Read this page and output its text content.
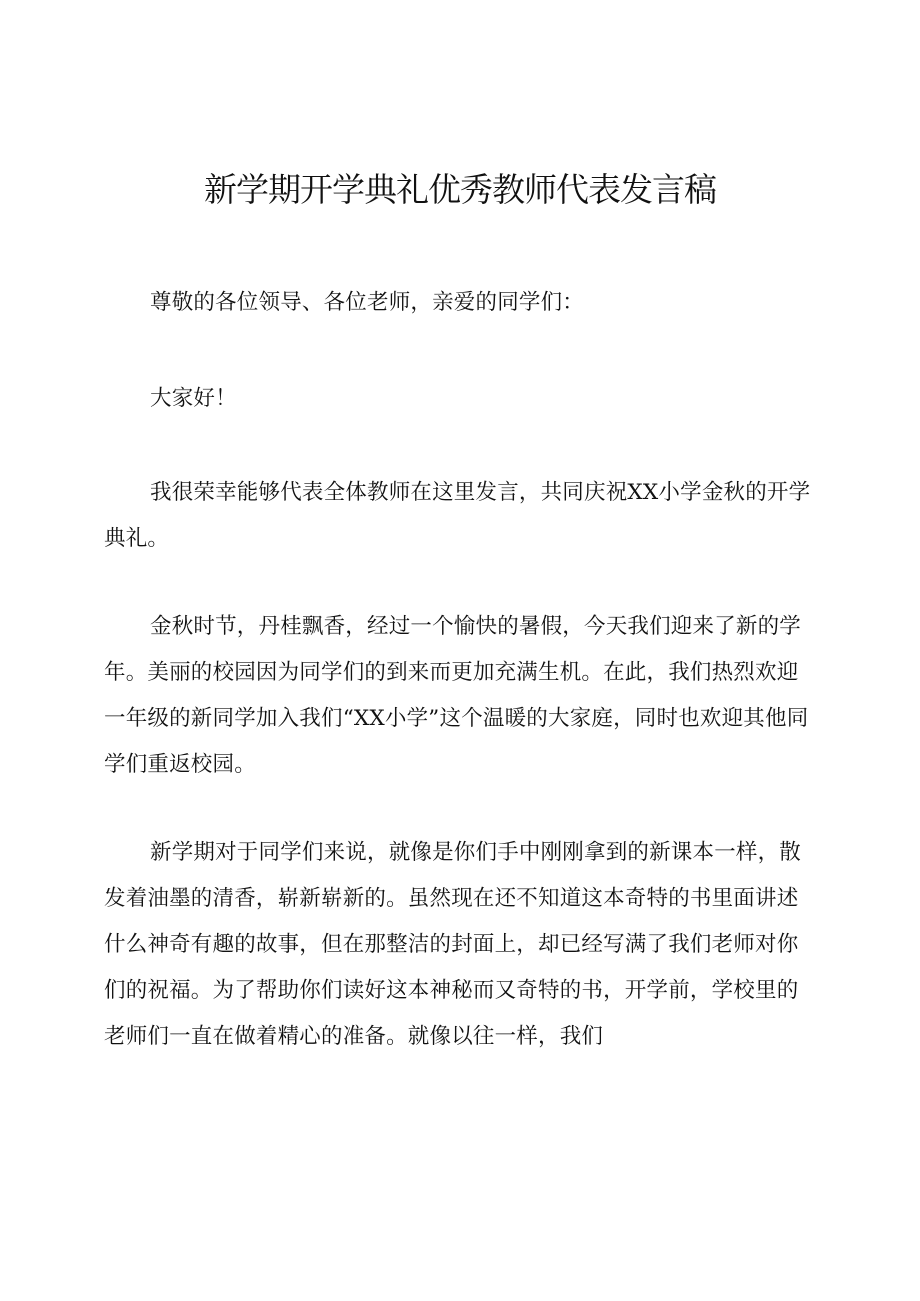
新学期开学典礼优秀教师代表发言稿

尊敬的各位领导、各位老师，亲爱的同学们：

大家好！

我很荣幸能够代表全体教师在这里发言，共同庆祝XX小学金秋的开学典礼。

金秋时节，丹桂飘香，经过一个愉快的暑假，今天我们迎来了新的学年。美丽的校园因为同学们的到来而更加充满生机。在此，我们热烈欢迎一年级的新同学加入我们“XX小学”这个温暖的大家庭，同时也欢迎其他同学们重返校园。

新学期对于同学们来说，就像是你们手中刚刚拿到的新课本一样，散发着油墨的清香，崭新崭新的。虽然现在还不知道这本奇特的书里面讲述什么神奇有趣的故事，但在那整洁的封面上，却已经写满了我们老师对你们的祝福。为了帮助你们读好这本神秘而又奇特的书，开学前，学校里的老师们一直在做着精心的准备。就像以往一样，我们
